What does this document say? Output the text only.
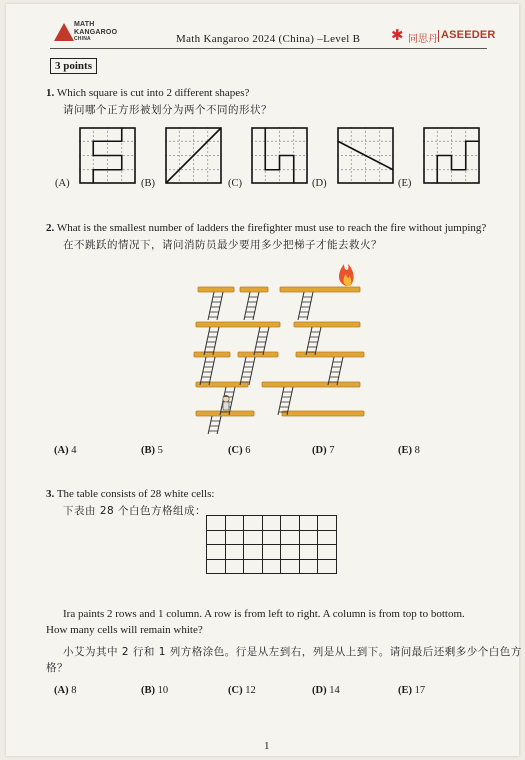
MATH
KANGAROO
CHINA	Math Kangaroo 2024 (China) –Level B ✱ 同思丹 ASEEDER
3 points
1. Which square is cut into 2 different shapes?
请问哪个正方形被划分为两个不同的形状？
(A)	(B)	(C)	(D)	(E)
2. What is the smallest number of ladders the firefighter must use to reach the fire without jumping?
在不跳跃的情况下，请问消防员最少要用多少把梯子才能去救火？
(A) 4	(B) 5	(C) 6	(D) 7	(E) 8
3. The table consists of 28 white cells:
下表由 28 个白色方格组成：

Ira paints 2 rows and 1 column. A row is from left to right. A column is from top to bottom.
How many cells will remain white?
小艾为其中 2 行和 1 列方格涂色。行是从左到右，列是从上到下。请问最后还剩多少个白色方
格？
(A) 8	(B) 10	(C) 12	(D) 14	(E) 17
1
